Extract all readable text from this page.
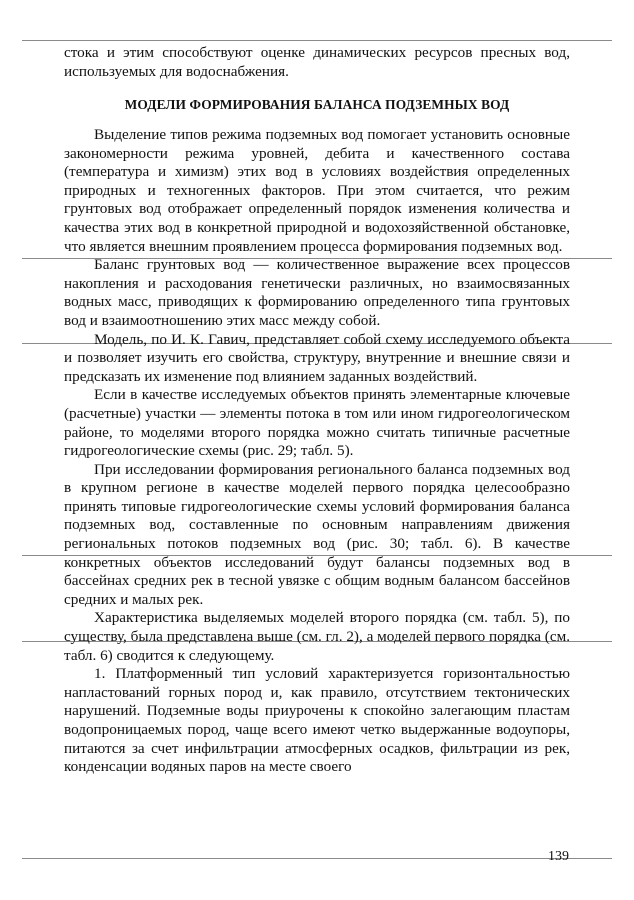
стока и этим способствуют оценке динамических ресурсов пресных вод, используемых для водоснабжения.

МОДЕЛИ ФОРМИРОВАНИЯ БАЛАНСА ПОДЗЕМНЫХ ВОД

Выделение типов режима подземных вод помогает установить основные закономерности режима уровней, дебита и качественного состава (температура и химизм) этих вод в условиях воздействия определенных природных и техногенных факторов. При этом считается, что режим грунтовых вод отображает определенный порядок изменения количества и качества этих вод в конкретной природной и водохозяйственной обстановке, что является внешним проявлением процесса формирования подземных вод.

Баланс грунтовых вод — количественное выражение всех процессов накопления и расходования генетически различных, но взаимосвязанных водных масс, приводящих к формированию определенного типа грунтовых вод и взаимоотношению этих масс между собой.

Модель, по И. К. Гавич, представляет собой схему исследуемого объекта и позволяет изучить его свойства, структуру, внутренние и внешние связи и предсказать их изменение под влиянием заданных воздействий.

Если в качестве исследуемых объектов принять элементарные ключевые (расчетные) участки — элементы потока в том или ином гидрогеологическом районе, то моделями второго порядка можно считать типичные расчетные гидрогеологические схемы (рис. 29; табл. 5).

При исследовании формирования регионального баланса подземных вод в крупном регионе в качестве моделей первого порядка целесообразно принять типовые гидрогеологические схемы условий формирования баланса подземных вод, составленные по основным направлениям движения региональных потоков подземных вод (рис. 30; табл. 6). В качестве конкретных объектов исследований будут балансы подземных вод в бассейнах средних рек в тесной увязке с общим водным балансом бассейнов средних и малых рек.

Характеристика выделяемых моделей второго порядка (см. табл. 5), по существу, была представлена выше (см. гл. 2), а моделей первого порядка (см. табл. 6) сводится к следующему.

1. Платформенный тип условий характеризуется горизонтальностью напластований горных пород и, как правило, отсутствием тектонических нарушений. Подземные воды приурочены к спокойно залегающим пластам водопроницаемых пород, чаще всего имеют четко выдержанные водоупоры, питаются за счет инфильтрации атмосферных осадков, фильтрации из рек, конденсации водяных паров на месте своего

139
